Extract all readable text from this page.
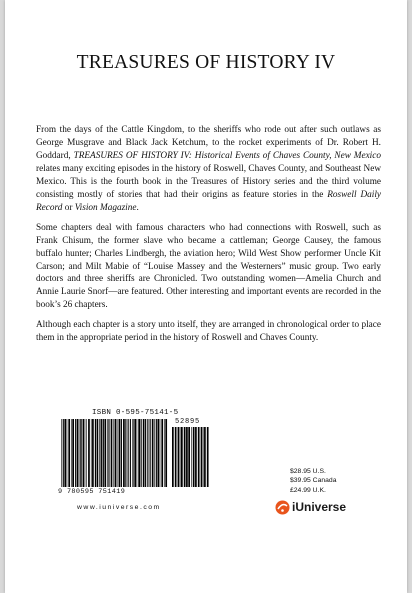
TREASURES OF HISTORY IV

From the days of the Cattle Kingdom, to the sheriffs who rode out after such outlaws as George Musgrave and Black Jack Ketchum, to the rocket experiments of Dr. Robert H. Goddard, TREASURES OF HISTORY IV: Historical Events of Chaves County, New Mexico relates many exciting episodes in the history of Roswell, Chaves County, and Southeast New Mexico. This is the fourth book in the Treasures of History series and the third volume consisting mostly of stories that had their origins as feature stories in the Roswell Daily Record or Vision Magazine.

Some chapters deal with famous characters who had connections with Roswell, such as Frank Chisum, the former slave who became a cattleman; George Causey, the famous buffalo hunter; Charles Lindbergh, the aviation hero; Wild West Show performer Uncle Kit Carson; and Milt Mabie of “Louise Massey and the Westerners” music group. Two early doctors and three sheriffs are Chronicled. Two outstanding women—Amelia Church and Annie Laurie Snorf—are featured. Other interesting and important events are recorded in the book’s 26 chapters.

Although each chapter is a story unto itself, they are arranged in chronological order to place them in the appropriate period in the history of Roswell and Chaves County.

ISBN 0-595-75141-5
52895
9 780595 751419
www.iuniverse.com
$28.95 U.S.
$39.95 Canada
£24.99 U.K.
iUniverse
